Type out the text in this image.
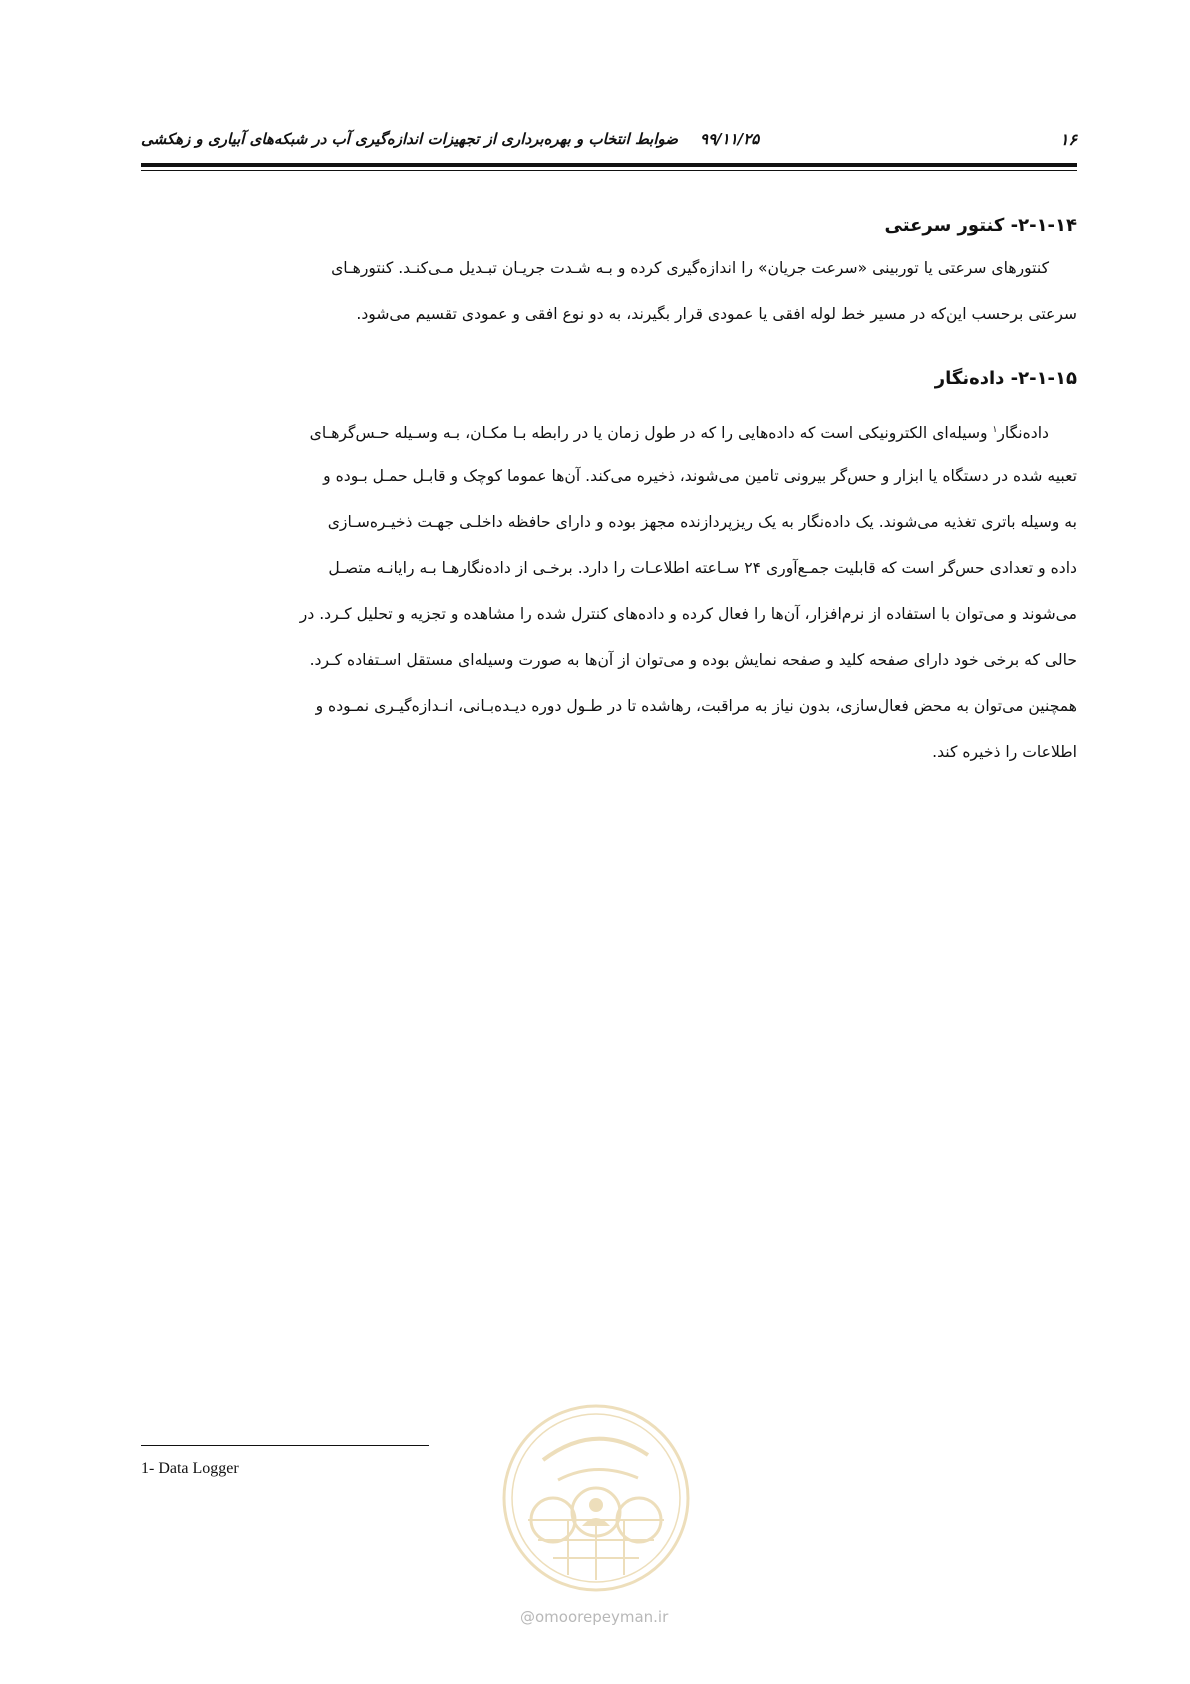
۱۶
۹۹/۱۱/۲۵ضوابط انتخاب و بهره‌برداری از تجهیزات اندازه‌گیری آب در شبکه‌های آبیاری و زهکشی
۲-۱-۱۴- کنتور سرعتی
کنتورهای سرعتی یا توربینی «سرعت جریان» را اندازه‌گیری کرده و بـه شـدت جریـان تبـدیل مـی‌کنـد. کنتورهـای
سرعتی برحسب این‌که در مسیر خط لوله افقی یا عمودی قرار بگیرند، به دو نوع افقی و عمودی تقسیم می‌شود.
۲-۱-۱۵- داده‌نگار
داده‌نگار$^۱$ وسیله‌ای الکترونیکی است که داده‌هایی را که در طول زمان یا در رابطه بـا مکـان، بـه وسـیله حـس‌گرهـای
تعبیه شده در دستگاه یا ابزار و حس‌گر بیرونی تامین می‌شوند، ذخیره می‌کند. آن‌ها عموما کوچک و قابـل حمـل بـوده و
به وسیله باتری تغذیه می‌شوند. یک داده‌نگار به یک ریزپردازنده مجهز بوده و دارای حافظه داخلـی جهـت ذخیـره‌سـازی
داده و تعدادی حس‌گر است که قابلیت جمـع‌آوری ۲۴ سـاعته اطلاعـات را دارد. برخـی از داده‌نگارهـا بـه رایانـه متصـل
می‌شوند و می‌توان با استفاده از نرم‌افزار، آن‌ها را فعال کرده و داده‌های کنترل شده را مشاهده و تجزیه و تحلیل کـرد. در
حالی که برخی خود دارای صفحه کلید و صفحه نمایش بوده و می‌توان از آن‌ها به صورت وسیله‌ای مستقل اسـتفاده کـرد.
همچنین می‌توان به محض فعال‌سازی، بدون نیاز به مراقبت، رهاشده تا در طـول دوره دیـده‌بـانی، انـدازه‌گیـری نمـوده و
اطلاعات را ذخیره کند.
1- Data Logger
@omoorepeyman.ir
